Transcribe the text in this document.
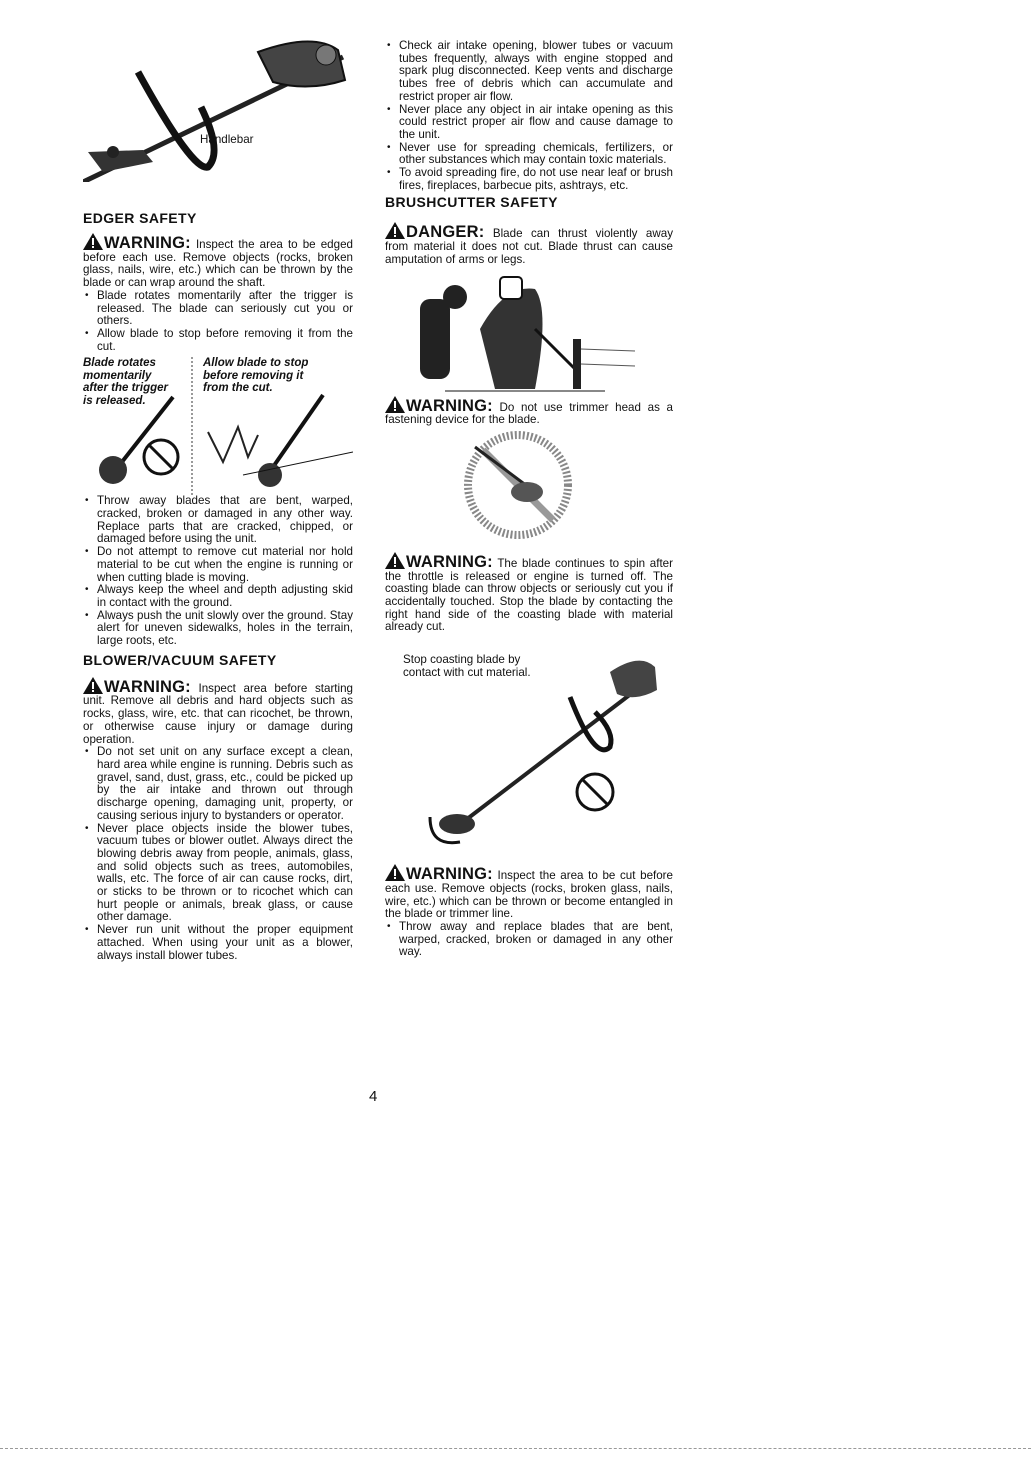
Handlebar

EDGER SAFETY

WARNING: Inspect the area to be edged before each use. Remove objects (rocks, broken glass, nails, wire, etc.) which can be thrown by the blade or can wrap around the shaft.

• Blade rotates momentarily after the trigger is released. The blade can seriously cut you or others.
• Allow blade to stop before removing it from the cut.
Blade rotates momentarily after the trigger is released.
Allow blade to stop before removing it from the cut.
• Throw away blades that are bent, warped, cracked, broken or damaged in any other way. Replace parts that are cracked, chipped, or damaged before using the unit.
• Do not attempt to remove cut material nor hold material to be cut when the engine is running or when cutting blade is moving.
• Always keep the wheel and depth adjusting skid in contact with the ground.
• Always push the unit slowly over the ground. Stay alert for uneven sidewalks, holes in the terrain, large roots, etc.

BLOWER/VACUUM SAFETY

WARNING: Inspect area before starting unit. Remove all debris and hard objects such as rocks, glass, wire, etc. that can ricochet, be thrown, or otherwise cause injury or damage during operation.

• Do not set unit on any surface except a clean, hard area while engine is running. Debris such as gravel, sand, dust, grass, etc., could be picked up by the air intake and thrown out through discharge opening, damaging unit, property, or causing serious injury to bystanders or operator.
• Never place objects inside the blower tubes, vacuum tubes or blower outlet. Always direct the blowing debris away from people, animals, glass, and solid objects such as trees, automobiles, walls, etc. The force of air can cause rocks, dirt, or sticks to be thrown or to ricochet which can hurt people or animals, break glass, or cause other damage.
• Never run unit without the proper equipment attached. When using your unit as a blower, always install blower tubes.
• Check air intake opening, blower tubes or vacuum tubes frequently, always with engine stopped and spark plug disconnected. Keep vents and discharge tubes free of debris which can accumulate and restrict proper air flow.
• Never place any object in air intake opening as this could restrict proper air flow and cause damage to the unit.
• Never use for spreading chemicals, fertilizers, or other substances which may contain toxic materials.
• To avoid spreading fire, do not use near leaf or brush fires, fireplaces, barbecue pits, ashtrays, etc.

BRUSHCUTTER SAFETY

DANGER: Blade can thrust violently away from material it does not cut. Blade thrust can cause amputation of arms or legs.

WARNING: Do not use trimmer head as a fastening device for the blade.

WARNING: The blade continues to spin after the throttle is released or engine is turned off. The coasting blade can throw objects or seriously cut you if accidentally touched. Stop the blade by contacting the right hand side of the coasting blade with material already cut.

Stop coasting blade by contact with cut material.

WARNING: Inspect the area to be cut before each use. Remove objects (rocks, broken glass, nails, wire, etc.) which can be thrown or become entangled in the blade or trimmer line.

• Throw away and replace blades that are bent, warped, cracked, broken or damaged in any other way.
4
